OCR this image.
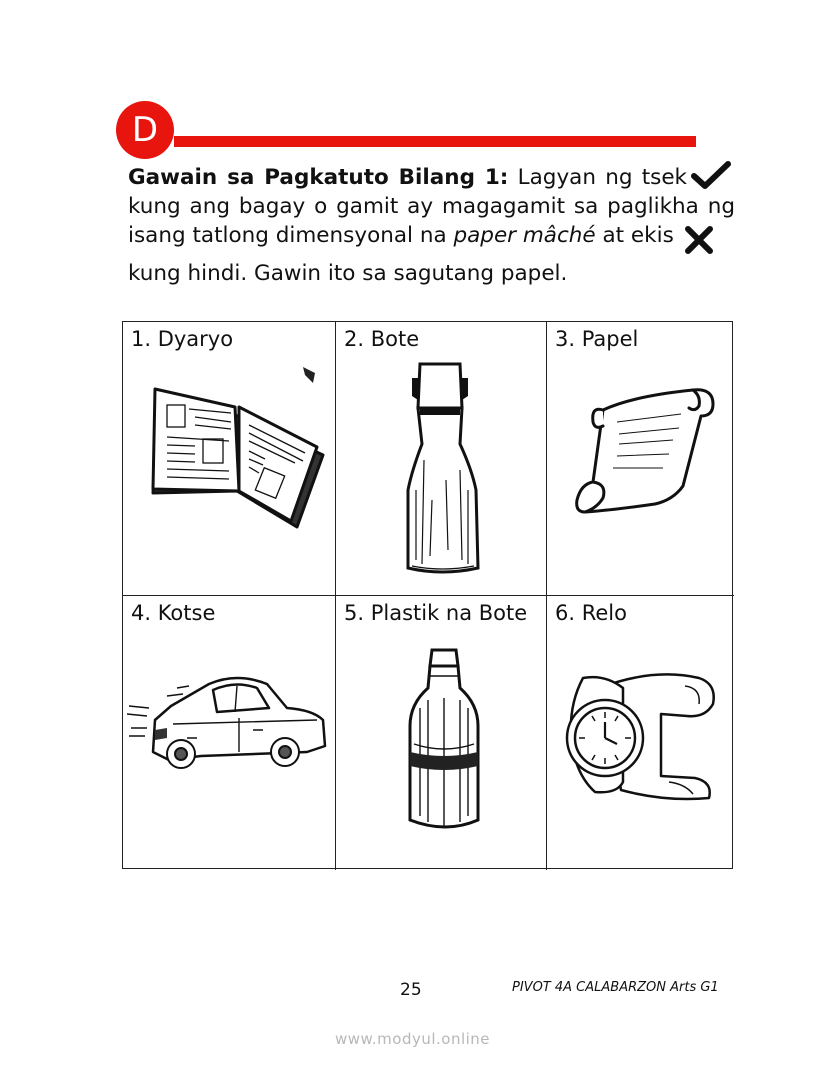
D
Gawain sa Pagkatuto Bilang 1: Lagyan ng tsekkung ang bagay o gamit ay magagamit sa paglikha ng isang tatlong dimensyonal na paper mâché at ekis
kung hindi. Gawin ito sa sagutang papel.
1. Dyaryo	2. Bote	3. Papel
4. Kotse	5. Plastik na Bote 6. Relo
25	PIVOT 4A CALABARZON Arts G1
www.modyul.online
